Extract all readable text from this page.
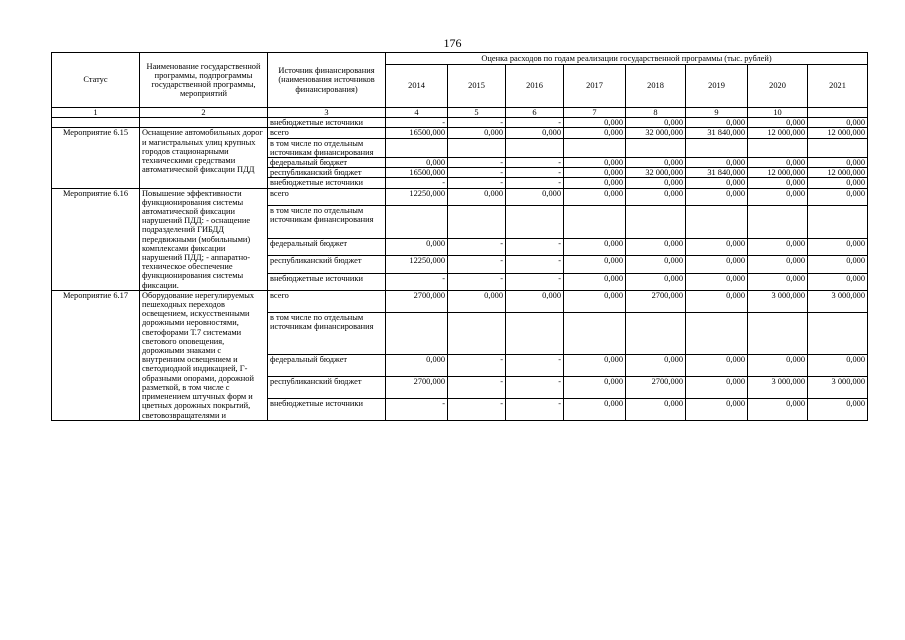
176
Статус	Наименование государственной программы, подпрограммы государственной программы, мероприятий	Источник финансирования (наименования источников финансирования)	Оценка расходов по годам реализации государственной программы (тыс. рублей)								
			2014	2015	2016	2017	2018	2019	2020	2021	
1	2	3	4	5	6	7	8	9	10		
		внебюджетные источники	-	-	-	0,000	0,000	0,000	0,000	0,000	
Мероприятие 6.15	Оснащение автомобильных дорог и магистральных улиц крупных городов стационарными техническими средствами автоматической фиксации ПДД	всего	16500,000	0,000	0,000	0,000	32 000,000	31 840,000	12 000,000	12 000,000	
		в том числе по отдельным источникам финансирования									
		федеральный бюджет	0,000	-	-	0,000	0,000	0,000	0,000	0,000	
		республиканский бюджет	16500,000	-	-	0,000	32 000,000	31 840,000	12 000,000	12 000,000	
		внебюджетные источники	-	-	-	0,000	0,000	0,000	0,000	0,000	
Мероприятие 6.16	Повышение эффективности функционирования системы автоматической фиксации нарушений ПДД: - оснащение подразделений ГИБДД передвижными (мобильными) комплексами фиксации нарушений ПДД; - аппаратно-техническое обеспечение функционирования системы фиксации.	всего	12250,000	0,000	0,000	0,000	0,000	0,000	0,000	0,000	
		в том числе по отдельным источникам финансирования									
		федеральный бюджет	0,000	-	-	0,000	0,000	0,000	0,000	0,000	
		республиканский бюджет	12250,000	-	-	0,000	0,000	0,000	0,000	0,000	
		внебюджетные источники	-	-	-	0,000	0,000	0,000	0,000	0,000	
Мероприятие 6.17	Оборудование нерегулируемых пешеходных переходов освещением, искусственными дорожными неровностями, светофорами Т.7 системами светового оповещения, дорожными знаками с внутренним освещением и светодиодной индикацией, Г-образными опорами, дорожной разметкой, в том числе с применением штучных форм и цветных дорожных покрытий, световозвращателями и	всего	2700,000	0,000	0,000	0,000	2700,000	0,000	3 000,000	3 000,000	
		в том числе по отдельным источникам финансирования									
		федеральный бюджет	0,000	-	-	0,000	0,000	0,000	0,000	0,000	
		республиканский бюджет	2700,000	-	-	0,000	2700,000	0,000	3 000,000	3 000,000	
		внебюджетные источники	-	-	-	0,000	0,000	0,000	0,000	0,000	
